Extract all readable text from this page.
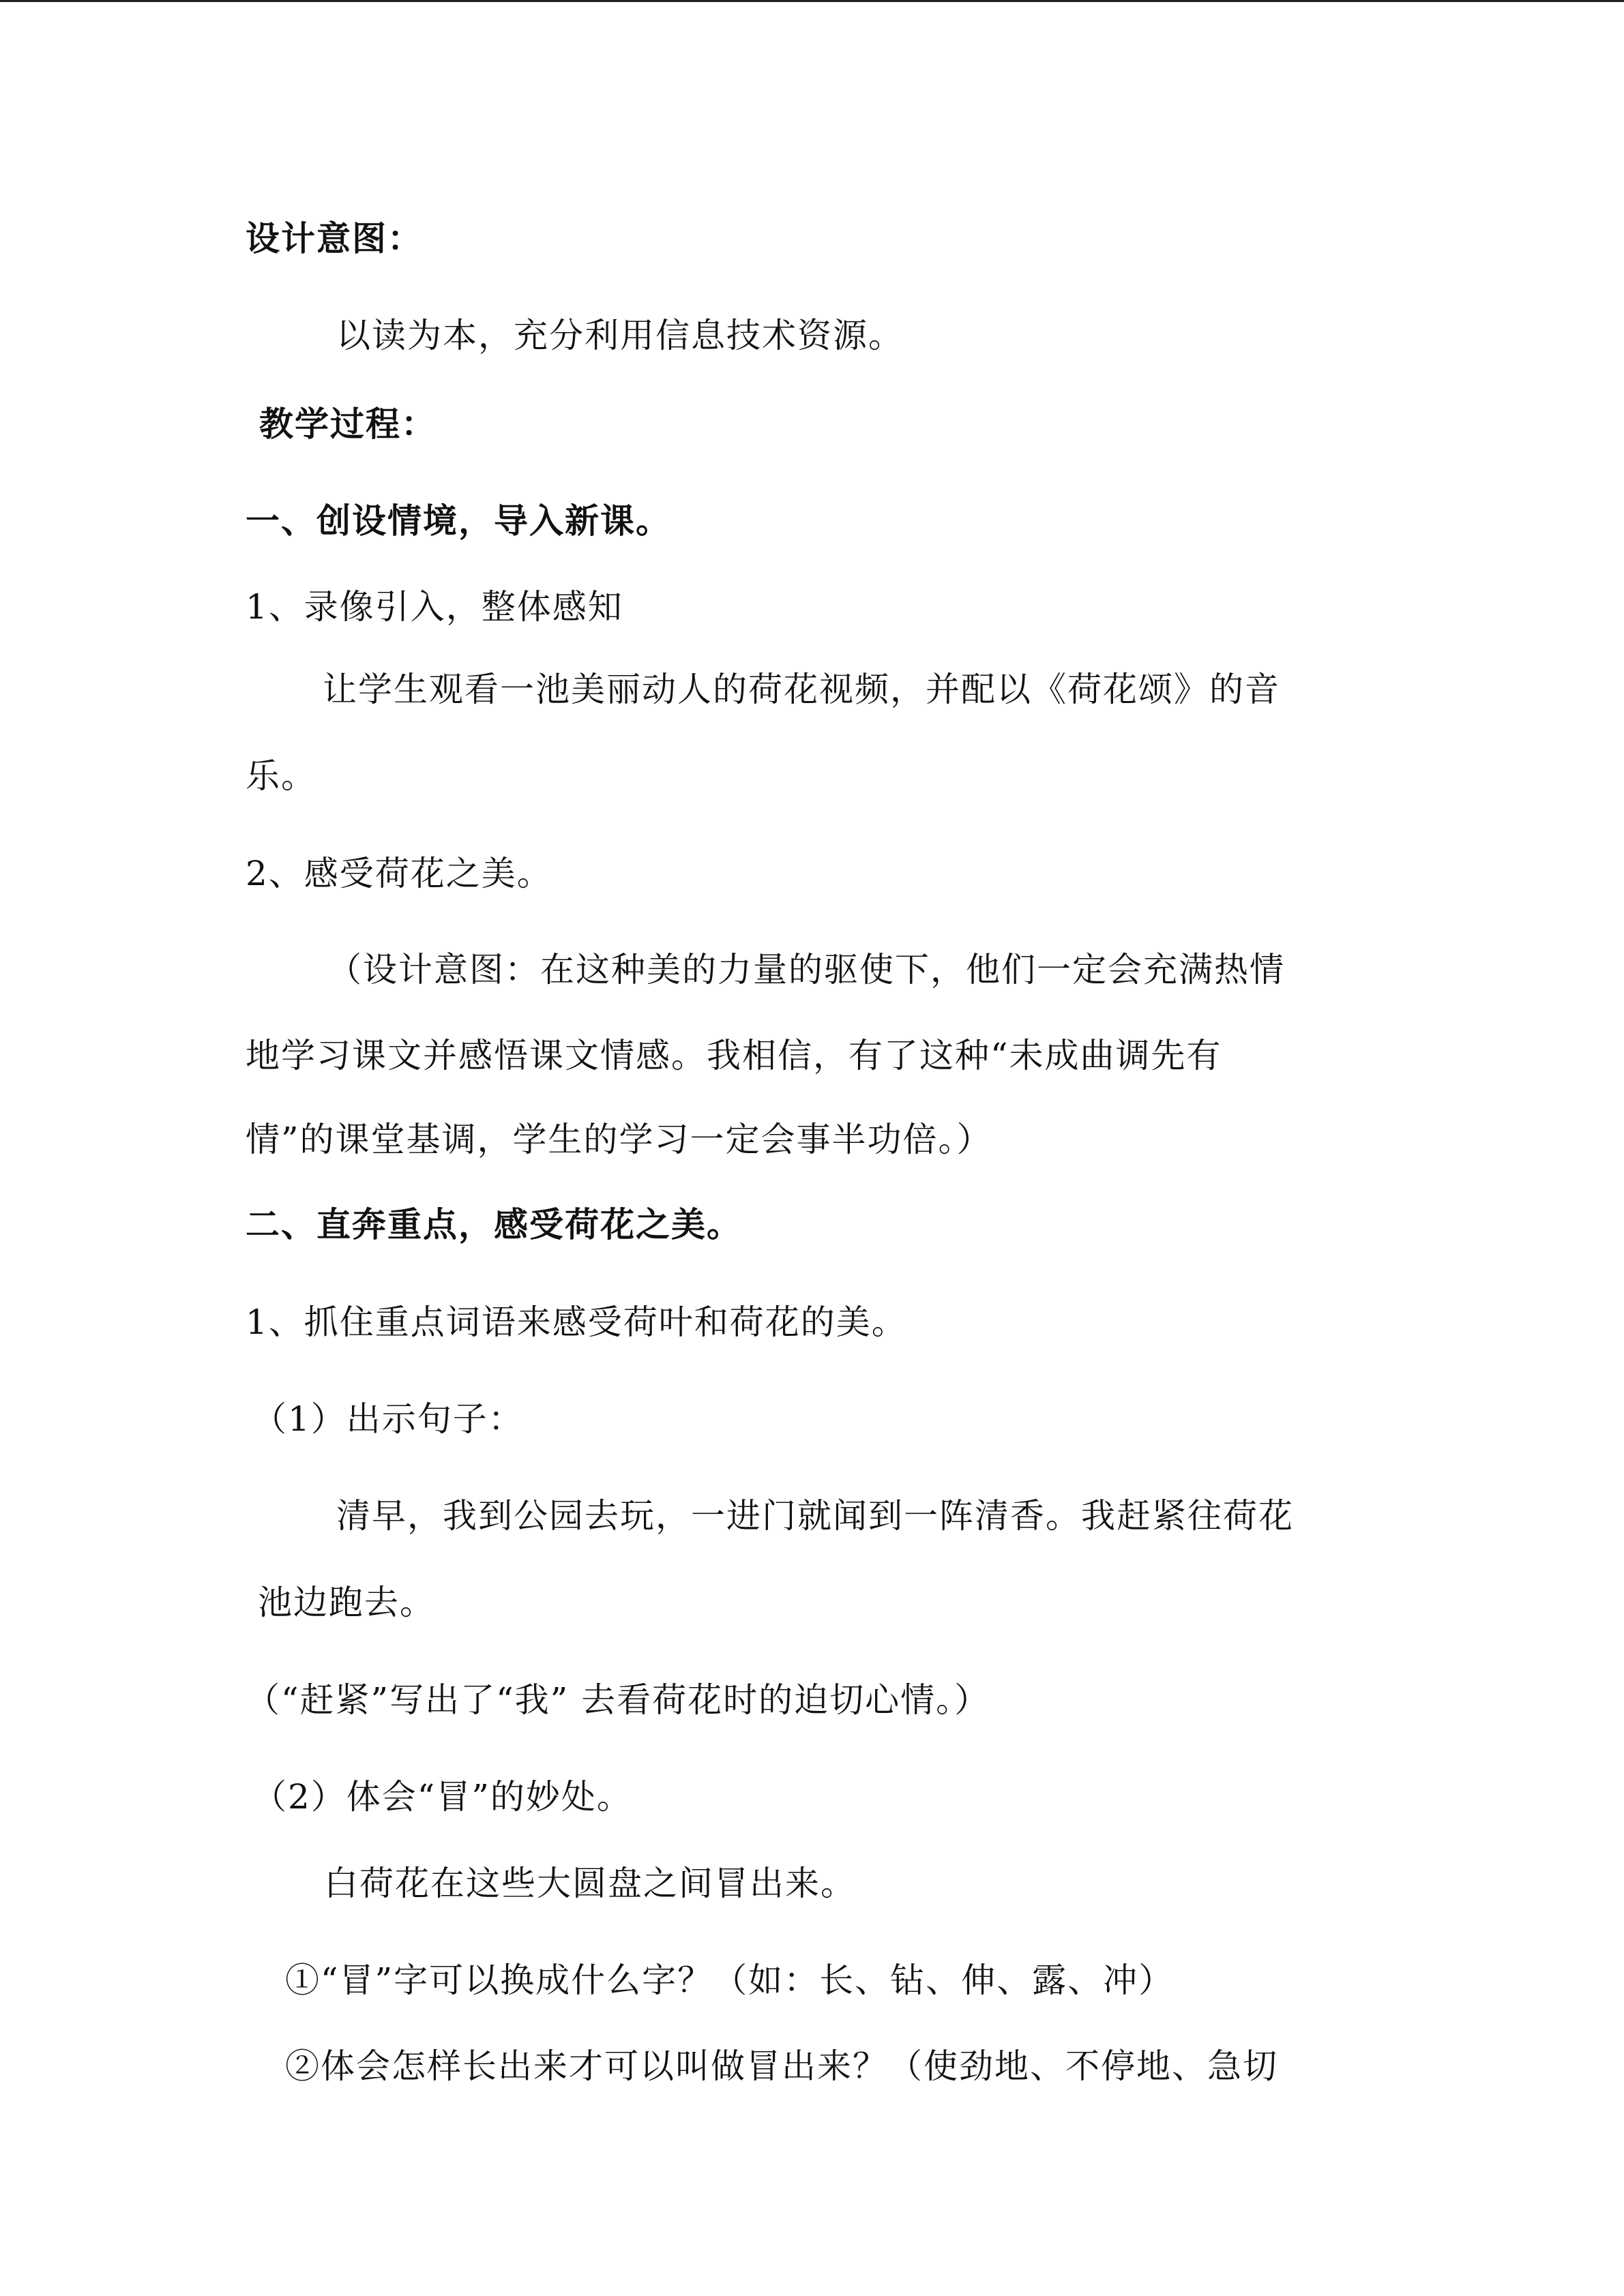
设计意图：
以读为本，充分利用信息技术资源。
教学过程：
一、创设情境，导入新课。
1、录像引入，整体感知
让学生观看一池美丽动人的荷花视频，并配以《荷花颂》的音
乐。
2、感受荷花之美。
（设计意图：在这种美的力量的驱使下，他们一定会充满热情
地学习课文并感悟课文情感。我相信，有了这种“未成曲调先有
情”的课堂基调，学生的学习一定会事半功倍。）
二、直奔重点，感受荷花之美。
1、抓住重点词语来感受荷叶和荷花的美。
（1）出示句子：
清早，我到公园去玩，一进门就闻到一阵清香。我赶紧往荷花
池边跑去。
（“赶紧”写出了“我” 去看荷花时的迫切心情。）
（2）体会“冒”的妙处。
白荷花在这些大圆盘之间冒出来。
①“冒”字可以换成什么字？（如：长、钻、伸、露、冲）
②体会怎样长出来才可以叫做冒出来？（使劲地、不停地、急切
